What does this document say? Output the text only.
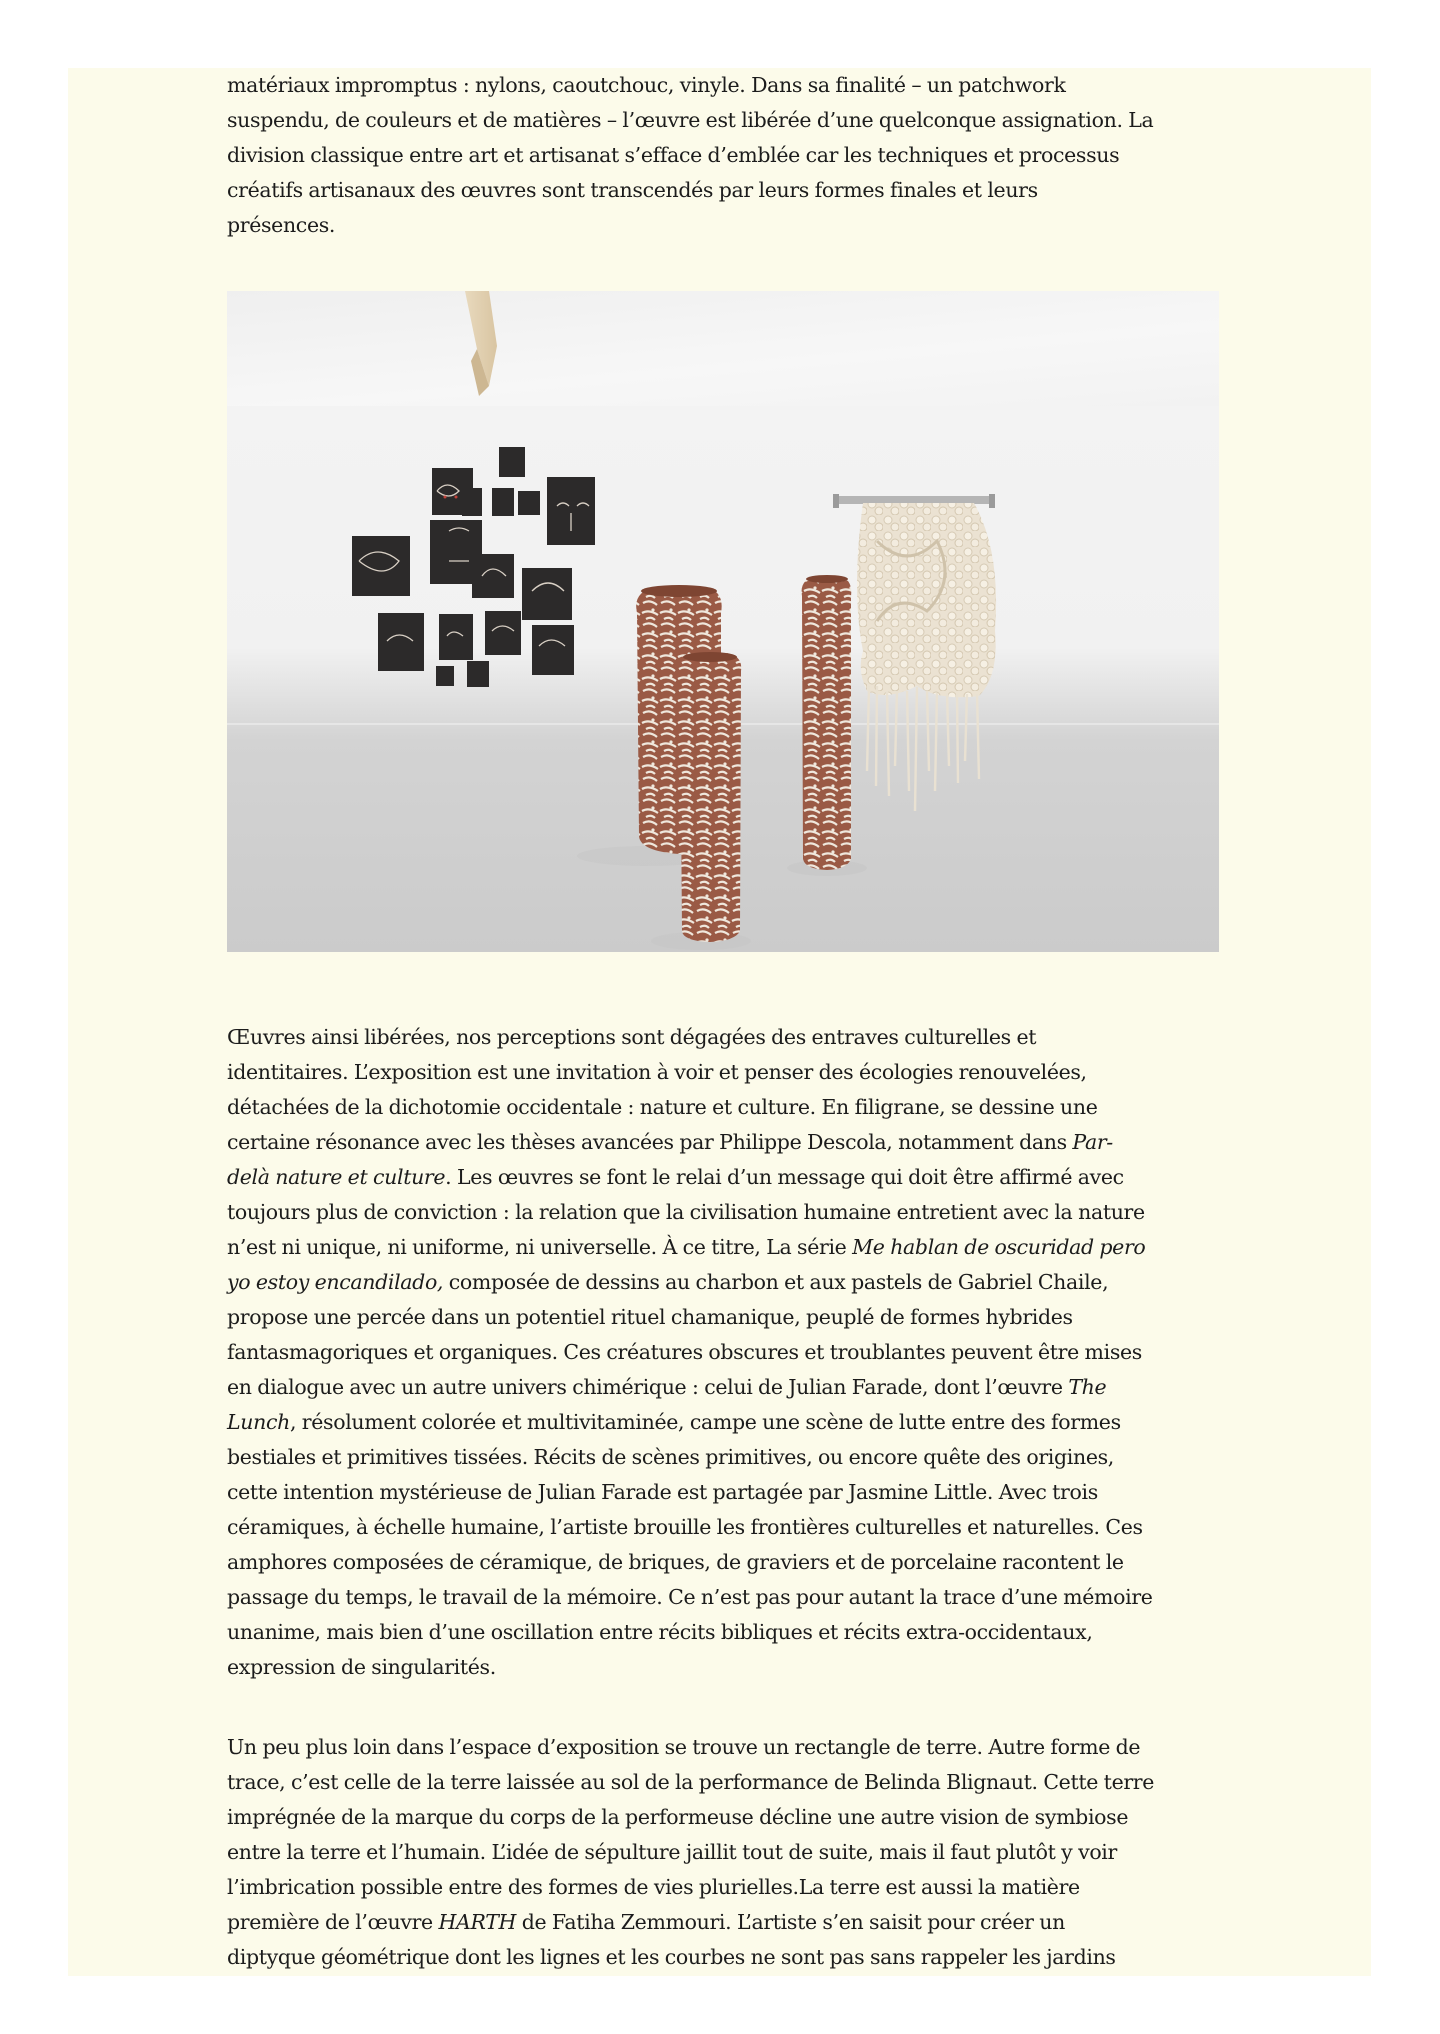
matériaux impromptus : nylons, caoutchouc, vinyle. Dans sa finalité – un patchwork
suspendu, de couleurs et de matières – l’œuvre est libérée d’une quelconque assignation. La
division classique entre art et artisanat s’efface d’emblée car les techniques et processus
créatifs artisanaux des œuvres sont transcendés par leurs formes finales et leurs
présences.

Œuvres ainsi libérées, nos perceptions sont dégagées des entraves culturelles et
identitaires. L’exposition est une invitation à voir et penser des écologies renouvelées,
détachées de la dichotomie occidentale : nature et culture. En filigrane, se dessine une
certaine résonance avec les thèses avancées par Philippe Descola, notamment dans Par-
delà nature et culture. Les œuvres se font le relai d’un message qui doit être affirmé avec
toujours plus de conviction : la relation que la civilisation humaine entretient avec la nature
n’est ni unique, ni uniforme, ni universelle. À ce titre, La série Me hablan de oscuridad pero
yo estoy encandilado, composée de dessins au charbon et aux pastels de Gabriel Chaile,
propose une percée dans un potentiel rituel chamanique, peuplé de formes hybrides
fantasmagoriques et organiques. Ces créatures obscures et troublantes peuvent être mises
en dialogue avec un autre univers chimérique : celui de Julian Farade, dont l’œuvre The
Lunch, résolument colorée et multivitaminée, campe une scène de lutte entre des formes
bestiales et primitives tissées. Récits de scènes primitives, ou encore quête des origines,
cette intention mystérieuse de Julian Farade est partagée par Jasmine Little. Avec trois
céramiques, à échelle humaine, l’artiste brouille les frontières culturelles et naturelles. Ces
amphores composées de céramique, de briques, de graviers et de porcelaine racontent le
passage du temps, le travail de la mémoire. Ce n’est pas pour autant la trace d’une mémoire
unanime, mais bien d’une oscillation entre récits bibliques et récits extra-occidentaux,
expression de singularités.

Un peu plus loin dans l’espace d’exposition se trouve un rectangle de terre. Autre forme de
trace, c’est celle de la terre laissée au sol de la performance de Belinda Blignaut. Cette terre
imprégnée de la marque du corps de la performeuse décline une autre vision de symbiose
entre la terre et l’humain. L’idée de sépulture jaillit tout de suite, mais il faut plutôt y voir
l’imbrication possible entre des formes de vies plurielles.La terre est aussi la matière
première de l’œuvre HARTH de Fatiha Zemmouri. L’artiste s’en saisit pour créer un
diptyque géométrique dont les lignes et les courbes ne sont pas sans rappeler les jardins
